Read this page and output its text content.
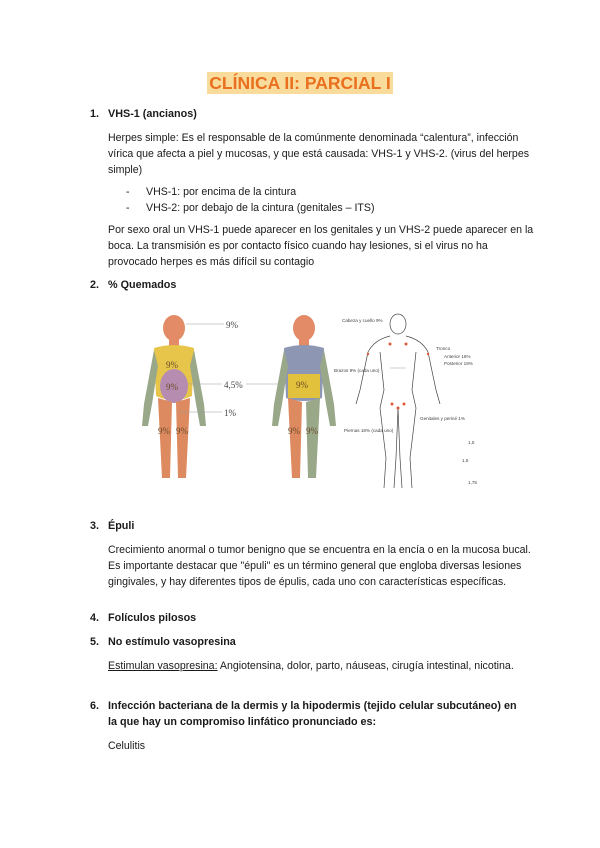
CLÍNICA II: PARCIAL I
1. VHS-1 (ancianos)
Herpes simple: Es el responsable de la comúnmente denominada “calentura”, infección vírica que afecta a piel y mucosas, y que está causada: VHS-1 y VHS-2. (virus del herpes simple)
-	VHS-1: por encima de la cintura
-	VHS-2: por debajo de la cintura (genitales – ITS)
Por sexo oral un VHS-1 puede aparecer en los genitales y un VHS-2 puede aparecer en la boca. La transmisión es por contacto físico cuando hay lesiones, si el virus no ha provocado herpes es más difícil su contagio
2. % Quemados
9%
9%
9% 9%
9%
4,5%
1%
9%
9% 9%
Cabeza y cuello 9%
Tronco
Anterior 18%
Posterior 18%
Brazos 9% (cada uno)
Genitales y periné 1%
Piernas 18% (cada uno)
1,5
1,5
1,75
3. Épuli
Crecimiento anormal o tumor benigno que se encuentra en la encía o en la mucosa bucal. Es importante destacar que "épuli" es un término general que engloba diversas lesiones gingivales, y hay diferentes tipos de épulis, cada uno con características específicas.
4. Folículos pilosos
5. No estímulo vasopresina
Estimulan vasopresina: Angiotensina, dolor, parto, náuseas, cirugía intestinal, nicotina.
6. Infección bacteriana de la dermis y la hipodermis (tejido celular subcutáneo) en la que hay un compromiso linfático pronunciado es:
Celulitis
